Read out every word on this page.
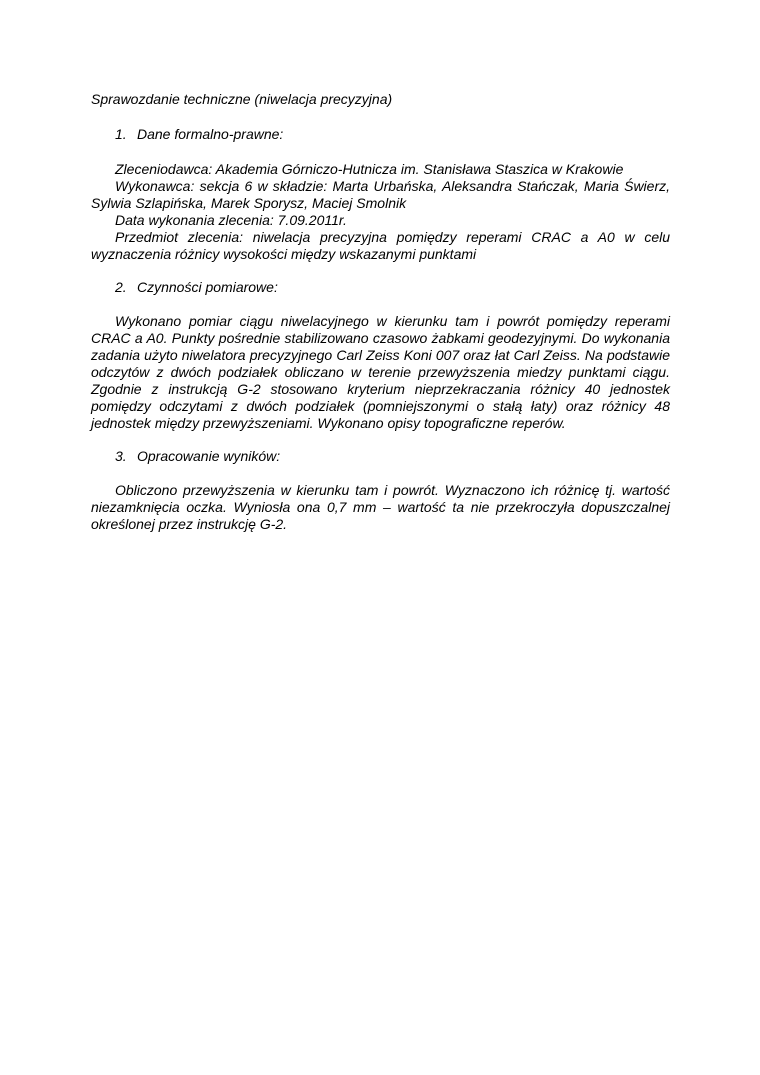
Sprawozdanie techniczne (niwelacja precyzyjna)

1. Dane formalno-prawne:

Zleceniodawca: Akademia Górniczo-Hutnicza im. Stanisława Staszica w Krakowie

Wykonawca: sekcja 6 w składzie: Marta Urbańska, Aleksandra Stańczak, Maria Świerz, Sylwia Szlapińska, Marek Sporysz, Maciej Smolnik

Data wykonania zlecenia: 7.09.2011r.

Przedmiot zlecenia: niwelacja precyzyjna pomiędzy reperami CRAC a A0 w celu wyznaczenia różnicy wysokości między wskazanymi punktami

2. Czynności pomiarowe:

Wykonano pomiar ciągu niwelacyjnego w kierunku tam i powrót pomiędzy reperami CRAC a A0. Punkty pośrednie stabilizowano czasowo żabkami geodezyjnymi. Do wykonania zadania użyto niwelatora precyzyjnego Carl Zeiss Koni 007 oraz łat Carl Zeiss. Na podstawie odczytów z dwóch podziałek obliczano w terenie przewyższenia miedzy punktami ciągu. Zgodnie z instrukcją G-2 stosowano kryterium nieprzekraczania różnicy 40 jednostek pomiędzy odczytami z dwóch podziałek (pomniejszonymi o stałą łaty) oraz różnicy 48 jednostek między przewyższeniami. Wykonano opisy topograficzne reperów.

3. Opracowanie wyników:

Obliczono przewyższenia w kierunku tam i powrót. Wyznaczono ich różnicę tj. wartość niezamknięcia oczka. Wyniosła ona 0,7 mm – wartość ta nie przekroczyła dopuszczalnej określonej przez instrukcję G-2.
